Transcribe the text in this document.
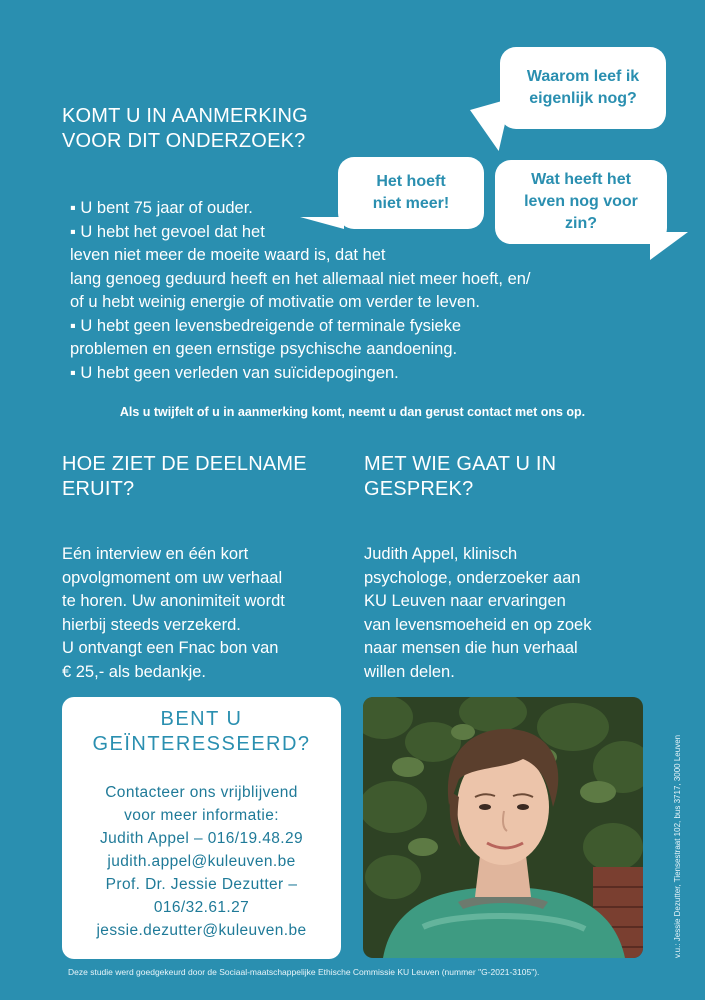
Waarom leef ik
eigenlijk nog?
Het hoeft
niet meer!
Wat heeft het
leven nog voor
zin?
KOMT U IN AANMERKING
VOOR DIT ONDERZOEK?
▪ U bent 75 jaar of ouder.
▪ U hebt het gevoel dat het
leven niet meer de moeite waard is, dat het
lang genoeg geduurd heeft en het allemaal niet meer hoeft, en/
of u hebt weinig energie of motivatie om verder te leven.
▪ U hebt geen levensbedreigende of terminale fysieke
problemen en geen ernstige psychische aandoening.
▪ U hebt geen verleden van suïcidepogingen.
Als u twijfelt of u in aanmerking komt, neemt u dan gerust contact met ons op.
HOE ZIET DE DEELNAME
ERUIT?
Eén interview en één kort
opvolgmoment om uw verhaal
te horen. Uw anonimiteit wordt
hierbij steeds verzekerd.
U ontvangt een Fnac bon van
€ 25,- als bedankje.
MET WIE GAAT U IN
GESPREK?
Judith Appel, klinisch
psychologe, onderzoeker aan
KU Leuven naar ervaringen
van levensmoeheid en op zoek
naar mensen die hun verhaal
willen delen.
BENT U
GEÏNTERESSEERD?
Contacteer ons vrijblijvend
voor meer informatie:
Judith Appel – 016/19.48.29
judith.appel@kuleuven.be
Prof. Dr. Jessie Dezutter –
016/32.61.27
jessie.dezutter@kuleuven.be	v.u.: Jessie Dezutter, Tiensestraat 102, bus 3717, 3000 Leuven
Deze studie werd goedgekeurd door de Sociaal-maatschappelijke Ethische Commissie KU Leuven (nummer "G-2021-3105").
